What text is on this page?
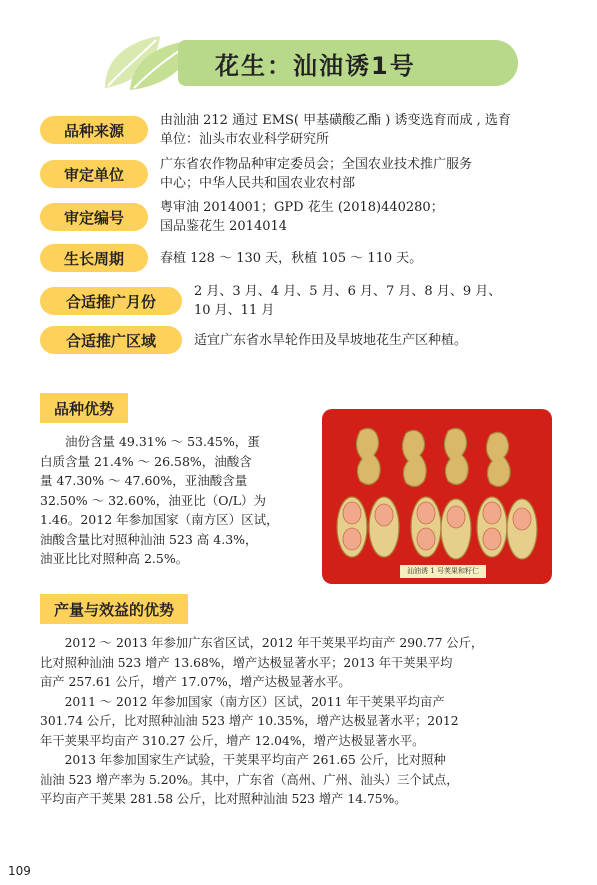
花生：汕油诱1号
品种来源
由汕油 212 通过 EMS( 甲基磺酸乙酯 ) 诱变选育而成 , 选育
单位：汕头市农业科学研究所
审定单位
广东省农作物品种审定委员会；全国农业技术推广服务
中心；中华人民共和国农业农村部
审定编号
粤审油 2014001；GPD 花生 (2018)440280；
国品鉴花生 2014014
生长周期	春植 128 ～ 130 天，秋植 105 ～ 110 天。
合适推广月份
2 月、3 月、4 月、5 月、6 月、7 月、8 月、9 月、
10 月、11 月
合适推广区域	适宜广东省水旱轮作田及旱坡地花生产区种植。
品种优势
　　油份含量 49.31% ～ 53.45%，蛋
白质含量 21.4% ～ 26.58%，油酸含
量 47.30% ～ 47.60%，亚油酸含量
32.50% ～ 32.60%，油亚比（O/L）为
1.46。2012 年参加国家（南方区）区试，
油酸含量比对照种汕油 523 高 4.3%，
油亚比比对照种高 2.5%。
汕油诱 1 号荚果和籽仁
产量与效益的优势
　　2012 ～ 2013 年参加广东省区试，2012 年干荚果平均亩产 290.77 公斤，
比对照种汕油 523 增产 13.68%，增产达极显著水平；2013 年干荚果平均
亩产 257.61 公斤，增产 17.07%，增产达极显著水平。
　　2011 ～ 2012 年参加国家（南方区）区试，2011 年干荚果平均亩产
301.74 公斤，比对照种汕油 523 增产 10.35%，增产达极显著水平；2012
年干荚果平均亩产 310.27 公斤，增产 12.04%，增产达极显著水平。
　　2013 年参加国家生产试验，干荚果平均亩产 261.65 公斤，比对照种
汕油 523 增产率为 5.20%。其中，广东省（高州、广州、汕头）三个试点，
平均亩产干荚果 281.58 公斤，比对照种汕油 523 增产 14.75%。
109
